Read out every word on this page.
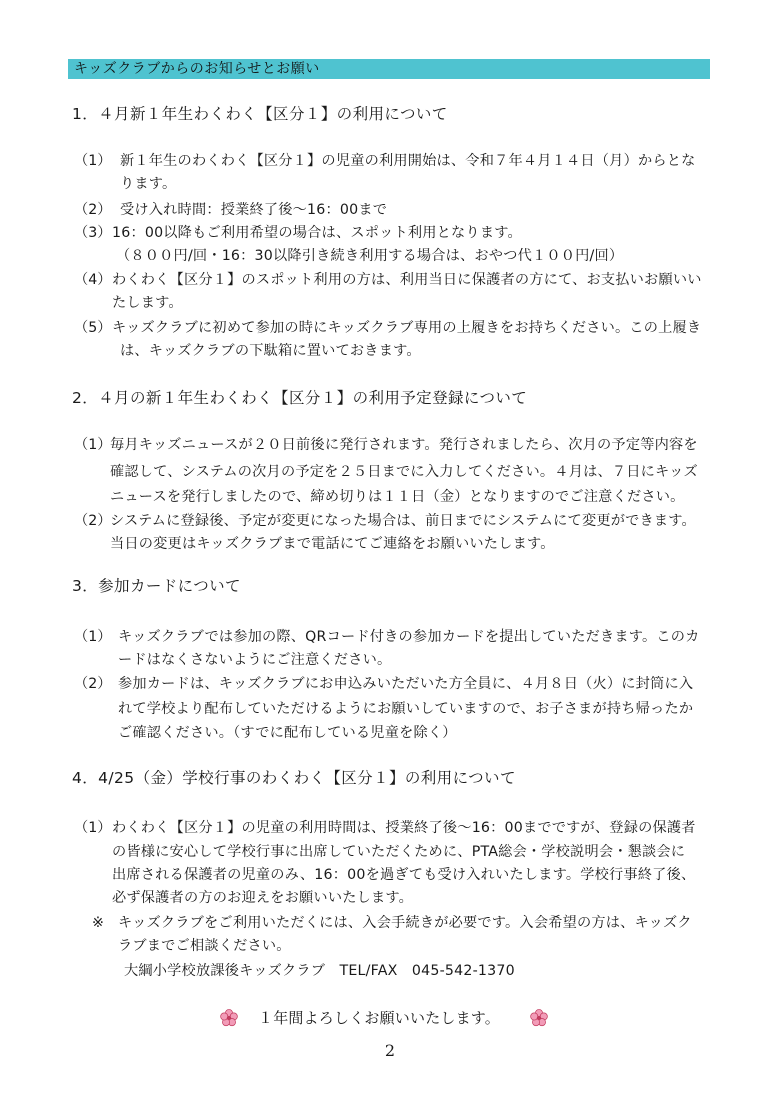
キッズクラブからのお知らせとお願い
1．４月新１年生わくわく【区分１】の利用について
（1） 新１年生のわくわく【区分１】の児童の利用開始は、令和７年４月１４日（月）からとな
ります。
（2） 受け入れ時間：授業終了後～16：00まで
（3） 16：00以降もご利用希望の場合は、スポット利用となります。
（８００円/回・16：30以降引き続き利用する場合は、おやつ代１００円/回）
（4） わくわく【区分１】のスポット利用の方は、利用当日に保護者の方にて、お支払いお願いい
たします。
（5） キッズクラブに初めて参加の時にキッズクラブ専用の上履きをお持ちください。この上履き
は、キッズクラブの下駄箱に置いておきます。
2．４月の新１年生わくわく【区分１】の利用予定登録について
（1）
毎月キッズニュースが２０日前後に発行されます。発行されましたら、次月の予定等内容を
確認して、システムの次月の予定を２５日までに入力してください。４月は、７日にキッズ
ニュースを発行しましたので、締め切りは１１日（金）となりますのでご注意ください。
（2）
システムに登録後、予定が変更になった場合は、前日までにシステムにて変更ができます。
当日の変更はキッズクラブまで電話にてご連絡をお願いいたします。
3．参加カードについて
（1） キッズクラブでは参加の際、QRコード付きの参加カードを提出していただきます。このカ
ードはなくさないようにご注意ください。
（2） 参加カードは、キッズクラブにお申込みいただいた方全員に、４月８日（火）に封筒に入
れて学校より配布していただけるようにお願いしていますので、お子さまが持ち帰ったか
ご確認ください。（すでに配布している児童を除く）
4．4/25（金）学校行事のわくわく【区分１】の利用について
（1） わくわく【区分１】の児童の利用時間は、授業終了後～16：00までですが、登録の保護者
の皆様に安心して学校行事に出席していただくために、PTA総会・学校説明会・懇談会に
出席される保護者の児童のみ、16：00を過ぎても受け入れいたします。学校行事終了後、
必ず保護者の方のお迎えをお願いいたします。
※ キッズクラブをご利用いただくには、入会手続きが必要です。入会希望の方は、キッズク
ラブまでご相談ください。
大綱小学校放課後キッズクラブ　TEL/FAX　045-542-1370
１年間よろしくお願いいたします。
2
